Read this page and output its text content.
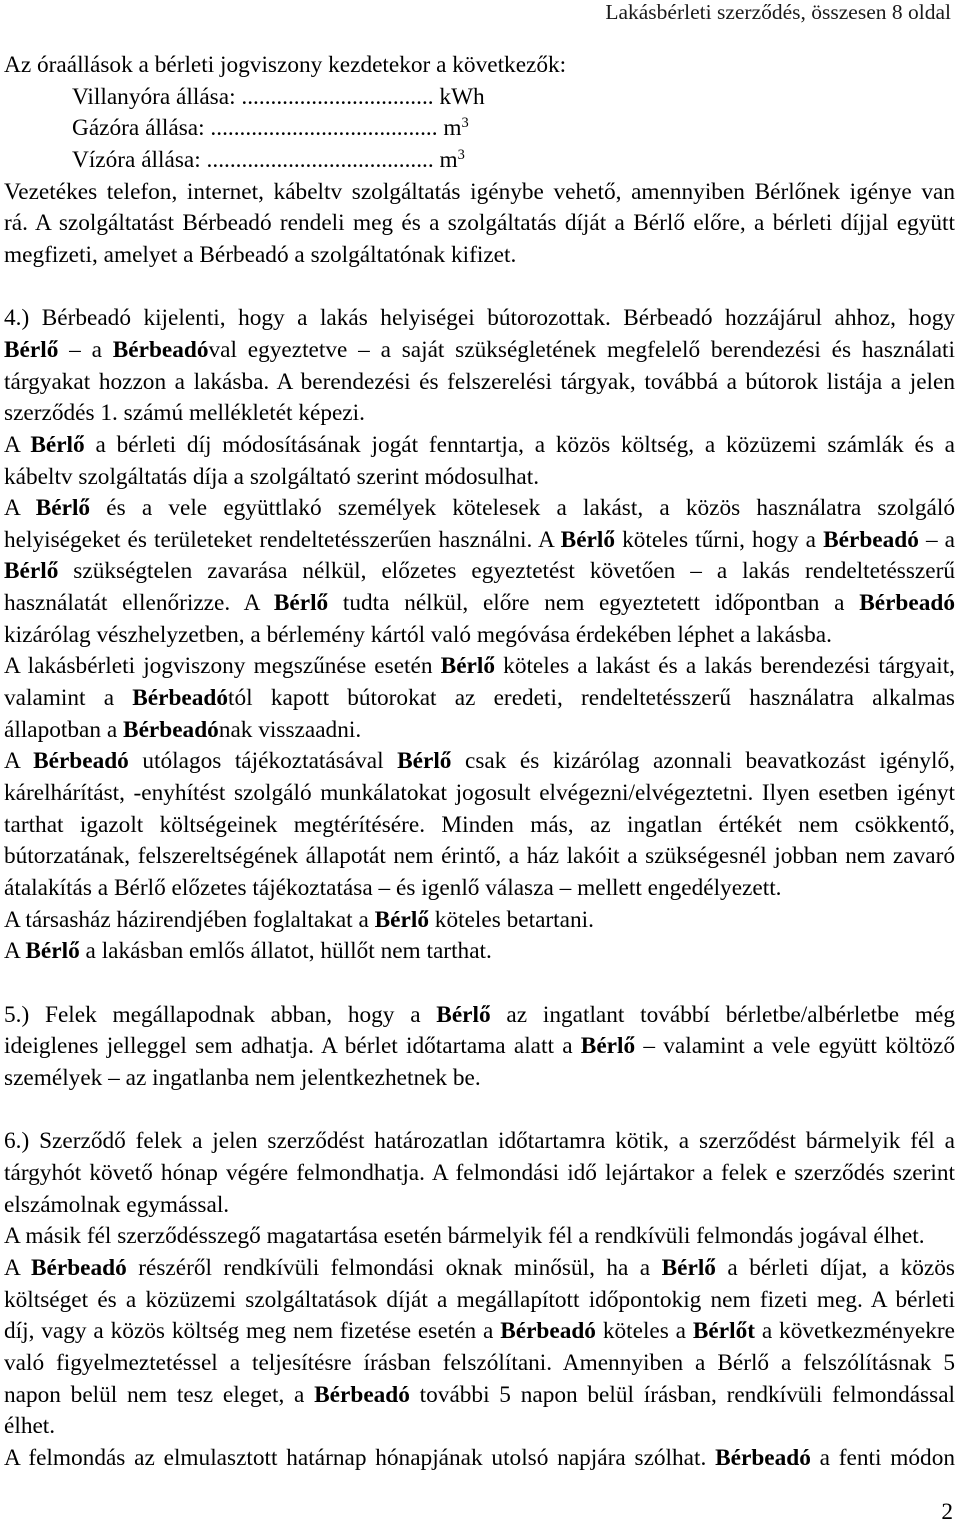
Lakásbérleti szerződés, összesen 8 oldal
Az óraállások a bérleti jogviszony kezdetekor a következők:
Villanyóra állása: ................................. kWh
Gázóra állása: ....................................... $m^3$
Vízóra állása: ....................................... $m^3$
Vezetékes telefon, internet, kábeltv szolgáltatás igénybe vehető, amennyiben Bérlőnek igénye van
rá. A szolgáltatást Bérbeadó rendeli meg és a szolgáltatás díját a Bérlő előre, a bérleti díjjal együtt
megfizeti, amelyet a Bérbeadó a szolgáltatónak kifizet.
4.) Bérbeadó kijelenti, hogy a lakás helyiségei bútorozottak. Bérbeadó hozzájárul ahhoz, hogy
Bérlő – a Bérbeadóval egyeztetve – a saját szükségletének megfelelő berendezési és használati
tárgyakat hozzon a lakásba. A berendezési és felszerelési tárgyak, továbbá a bútorok listája a jelen
szerződés 1. számú mellékletét képezi.
A Bérlő a bérleti díj módosításának jogát fenntartja, a közös költség, a közüzemi számlák és a
kábeltv szolgáltatás díja a szolgáltató szerint módosulhat.
A Bérlő és a vele együttlakó személyek kötelesek a lakást, a közös használatra szolgáló
helyiségeket és területeket rendeltetésszerűen használni. A Bérlő köteles tűrni, hogy a Bérbeadó – a
Bérlő szükségtelen zavarása nélkül, előzetes egyeztetést követően – a lakás rendeltetésszerű
használatát ellenőrizze. A Bérlő tudta nélkül, előre nem egyeztetett időpontban a Bérbeadó
kizárólag vészhelyzetben, a bérlemény kártól való megóvása érdekében léphet a lakásba.
A lakásbérleti jogviszony megszűnése esetén Bérlő köteles a lakást és a lakás berendezési tárgyait,
valamint a Bérbeadótól kapott bútorokat az eredeti, rendeltetésszerű használatra alkalmas
állapotban a Bérbeadónak visszaadni.
A Bérbeadó utólagos tájékoztatásával Bérlő csak és kizárólag azonnali beavatkozást igénylő,
kárelhárítást, -enyhítést szolgáló munkálatokat jogosult elvégezni/elvégeztetni. Ilyen esetben igényt
tarthat igazolt költségeinek megtérítésére. Minden más, az ingatlan értékét nem csökkentő,
bútorzatának, felszereltségének állapotát nem érintő, a ház lakóit a szükségesnél jobban nem zavaró
átalakítás a Bérlő előzetes tájékoztatása – és igenlő válasza – mellett engedélyezett.
A társasház házirendjében foglaltakat a Bérlő köteles betartani.
A Bérlő a lakásban emlős állatot, hüllőt nem tarthat.
5.) Felek megállapodnak abban, hogy a Bérlő az ingatlant továbbí bérletbe/albérletbe még
ideiglenes jelleggel sem adhatja. A bérlet időtartama alatt a Bérlő – valamint a vele együtt költöző
személyek – az ingatlanba nem jelentkezhetnek be.
6.) Szerződő felek a jelen szerződést határozatlan időtartamra kötik, a szerződést bármelyik fél a
tárgyhót követő hónap végére felmondhatja. A felmondási idő lejártakor a felek e szerződés szerint
elszámolnak egymással.
A másik fél szerződésszegő magatartása esetén bármelyik fél a rendkívüli felmondás jogával élhet.
A Bérbeadó részéről rendkívüli felmondási oknak minősül, ha a Bérlő a bérleti díjat, a közös
költséget és a közüzemi szolgáltatások díját a megállapított időpontokig nem fizeti meg. A bérleti
díj, vagy a közös költség meg nem fizetése esetén a Bérbeadó köteles a Bérlőt a következményekre
való figyelmeztetéssel a teljesítésre írásban felszólítani. Amennyiben a Bérlő a felszólításnak 5
napon belül nem tesz eleget, a Bérbeadó további 5 napon belül írásban, rendkívüli felmondással
élhet.
A felmondás az elmulasztott határnap hónapjának utolsó napjára szólhat. Bérbeadó a fenti módon
2
